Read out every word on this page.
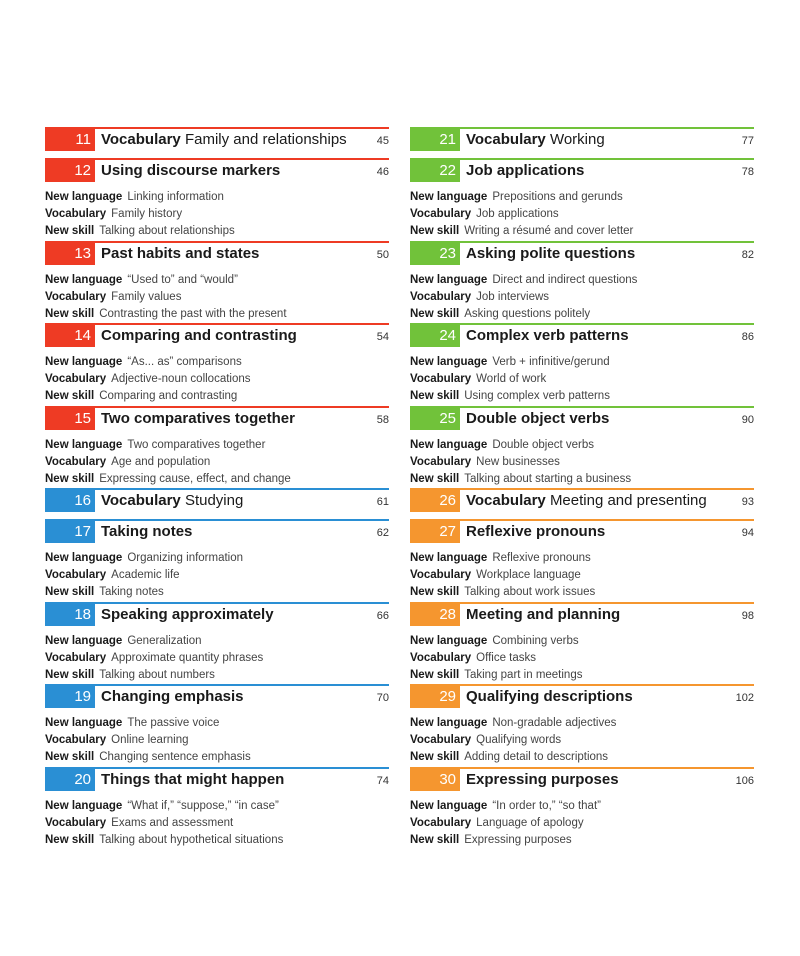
11 Vocabulary Family and relationships	45
12 Using discourse markers	46
New language Linking information
Vocabulary Family history
New skill Talking about relationships
13 Past habits and states	50
New language “Used to” and “would”
Vocabulary Family values
New skill Contrasting the past with the present
14 Comparing and contrasting	54
New language “As... as” comparisons
Vocabulary Adjective-noun collocations
New skill Comparing and contrasting
15 Two comparatives together	58
New language Two comparatives together
Vocabulary Age and population
New skill Expressing cause, effect, and change
16 Vocabulary Studying	61
17 Taking notes	62
New language Organizing information
Vocabulary Academic life
New skill Taking notes
18 Speaking approximately	66
New language Generalization
Vocabulary Approximate quantity phrases
New skill Talking about numbers
19 Changing emphasis	70
New language The passive voice
Vocabulary Online learning
New skill Changing sentence emphasis
20 Things that might happen	74
New language “What if,” “suppose,” “in case”
Vocabulary Exams and assessment
New skill Talking about hypothetical situations
21 Vocabulary Working	77
22 Job applications	78
New language Prepositions and gerunds
Vocabulary Job applications
New skill Writing a résumé and cover letter
23 Asking polite questions	82
New language Direct and indirect questions
Vocabulary Job interviews
New skill Asking questions politely
24 Complex verb patterns	86
New language Verb + infinitive/gerund
Vocabulary World of work
New skill Using complex verb patterns
25 Double object verbs	90
New language Double object verbs
Vocabulary New businesses
New skill Talking about starting a business
26 Vocabulary Meeting and presenting	93
27 Reflexive pronouns	94
New language Reflexive pronouns
Vocabulary Workplace language
New skill Talking about work issues
28 Meeting and planning	98
New language Combining verbs
Vocabulary Office tasks
New skill Taking part in meetings
29 Qualifying descriptions	102
New language Non-gradable adjectives
Vocabulary Qualifying words
New skill Adding detail to descriptions
30 Expressing purposes	106
New language “In order to,” “so that”
Vocabulary Language of apology
New skill Expressing purposes
